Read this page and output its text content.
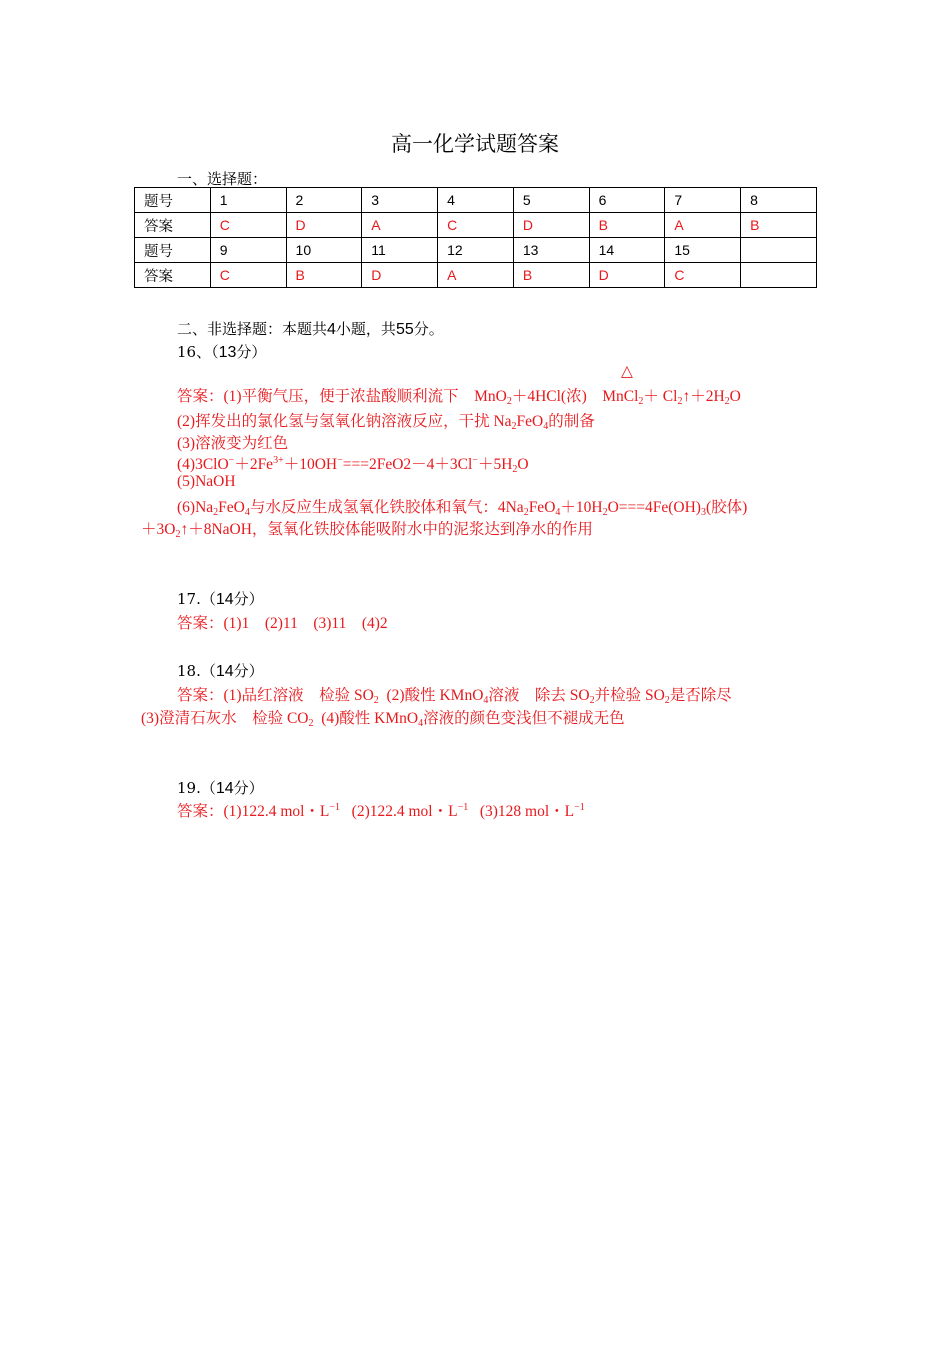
高一化学试题答案
一、选择题：
题号	1	2	3	4	5	6	7	8
答案	C	D	A	C	D	B	A	B
题号	9	10	11	12	13	14	15	
答案	C	B	D	A	B	D	C	
二、非选择题：本题共4小题，共55分。
16、（13分）
△
答案：(1)平衡气压，便于浓盐酸顺利流下　MnO$_2$＋4HCl(浓)　MnCl$_2$＋ $Cl_2↑+2H_2O$
(2)挥发出的氯化氢与氢氧化钠溶液反应，干扰 $Na_2FeO_4$的制备
(3)溶液变为红色
$(4)3ClO^-+2Fe^{3+}+10OH^-===2FeO2-4+3Cl^-+5H_2O$
(5)NaOH
$(6)Na_2FeO_4$与水反应生成氢氧化铁胶体和氧气：$4Na_2FeO_4+10H_2O===4Fe(OH)_3$(胶体)
$+3O_2↑+8NaOH$，氢氧化铁胶体能吸附水中的泥浆达到净水的作用
17.（14分）
答案：(1)1　(2)11　(3)11　(4)2
18.（14分）
答案：(1)品红溶液　检验 $SO_2$ (2)酸性 KMnO$_4$溶液　除去 $SO_2$并检验 $SO_2$是否除尽
(3)澄清石灰水　检验 $CO_2$ (4)酸性 KMnO$_4$溶液的颜色变浅但不褪成无色
19.（14分）
答案：(1)122.4 mol・$L^{-1}$ (2)122.4 mol・$L^{-1}$ (3)128 mol・$L^{-1}$
